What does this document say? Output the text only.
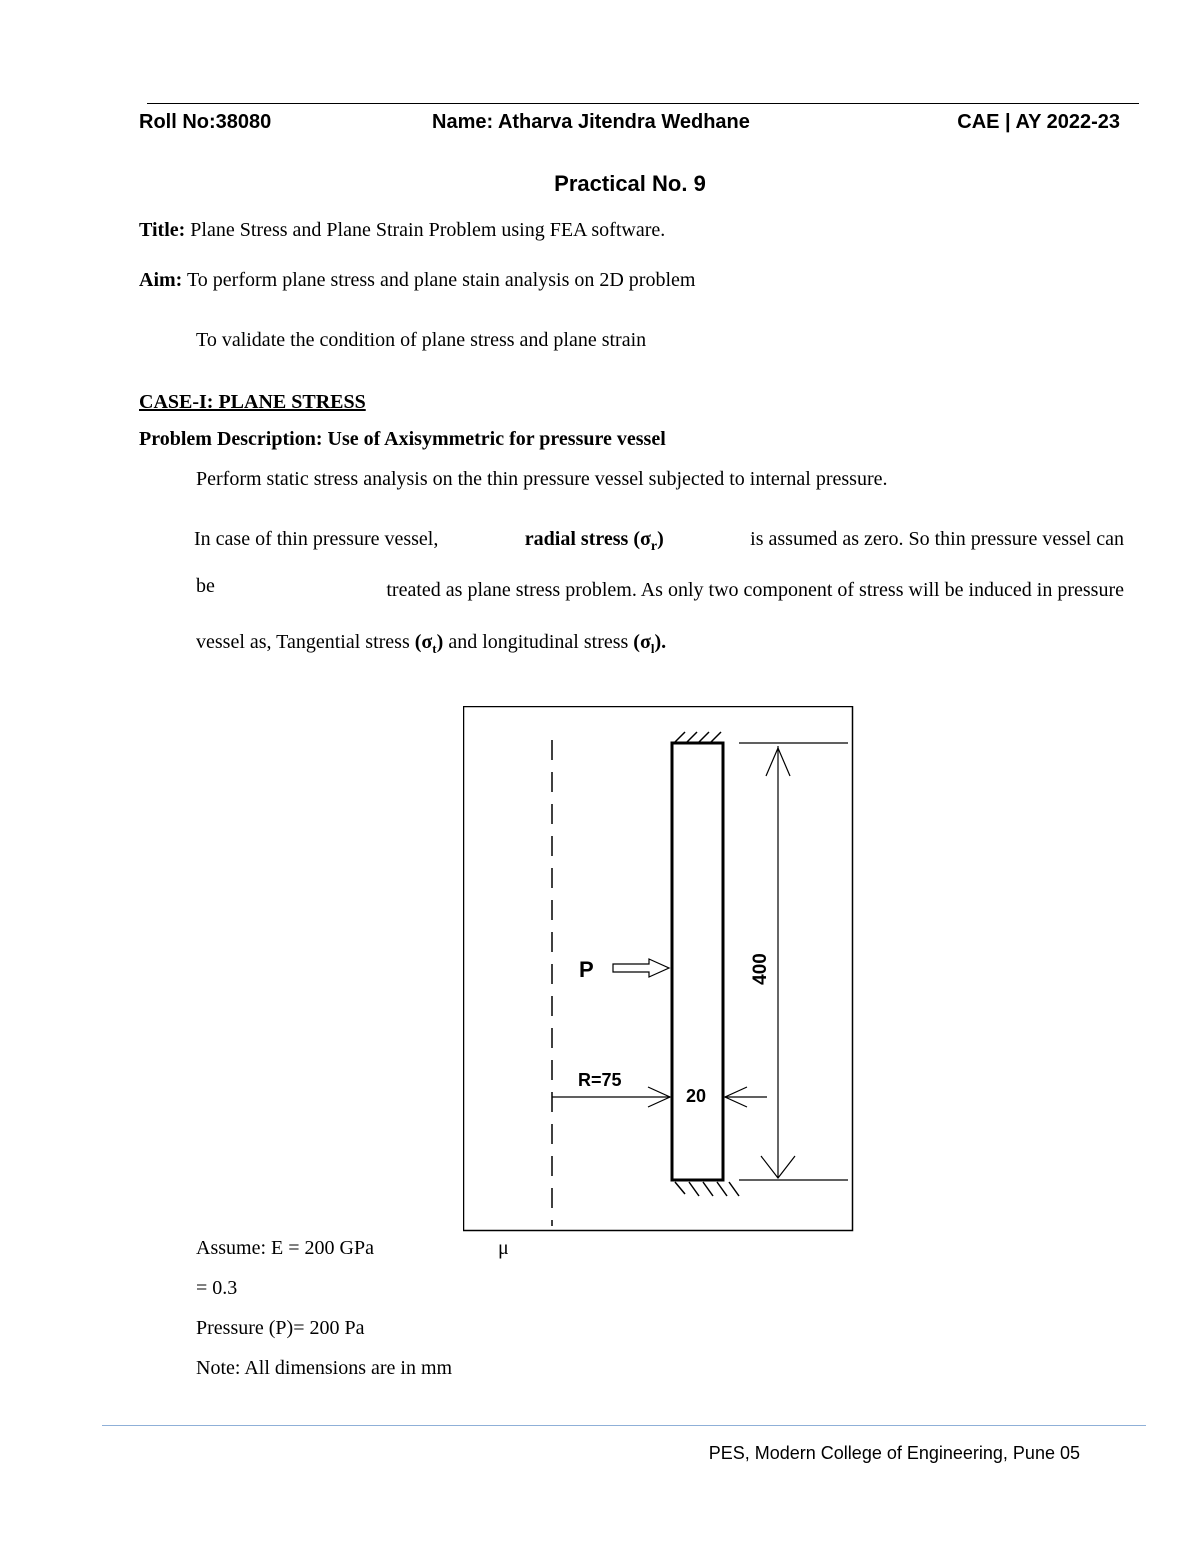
Roll No:38080	Name: Atharva Jitendra Wedhane	CAE | AY 2022-23
Practical No. 9
Title: Plane Stress and Plane Strain Problem using FEA software.
Aim: To perform plane stress and plane stain analysis on 2D problem
To validate the condition of plane stress and plane strain
CASE-I: PLANE STRESS
Problem Description: Use of Axisymmetric for pressure vessel
Perform static stress analysis on the thin pressure vessel subjected to internal pressure.
In case of thin pressure vessel,	radial stress $(\sigma_r)$	is assumed as zero. So thin pressure vessel can
be	treated as plane stress problem. As only two component of stress will be induced in pressure
vessel as, Tangential stress $(\sigma_t)$ and longitudinal stress $(\sigma_l)$.
400
P
R=75
20
Assume: E = 200 GPa	μ
= 0.3
Pressure (P)= 200 Pa
Note: All dimensions are in mm
PES, Modern College of Engineering, Pune 05
